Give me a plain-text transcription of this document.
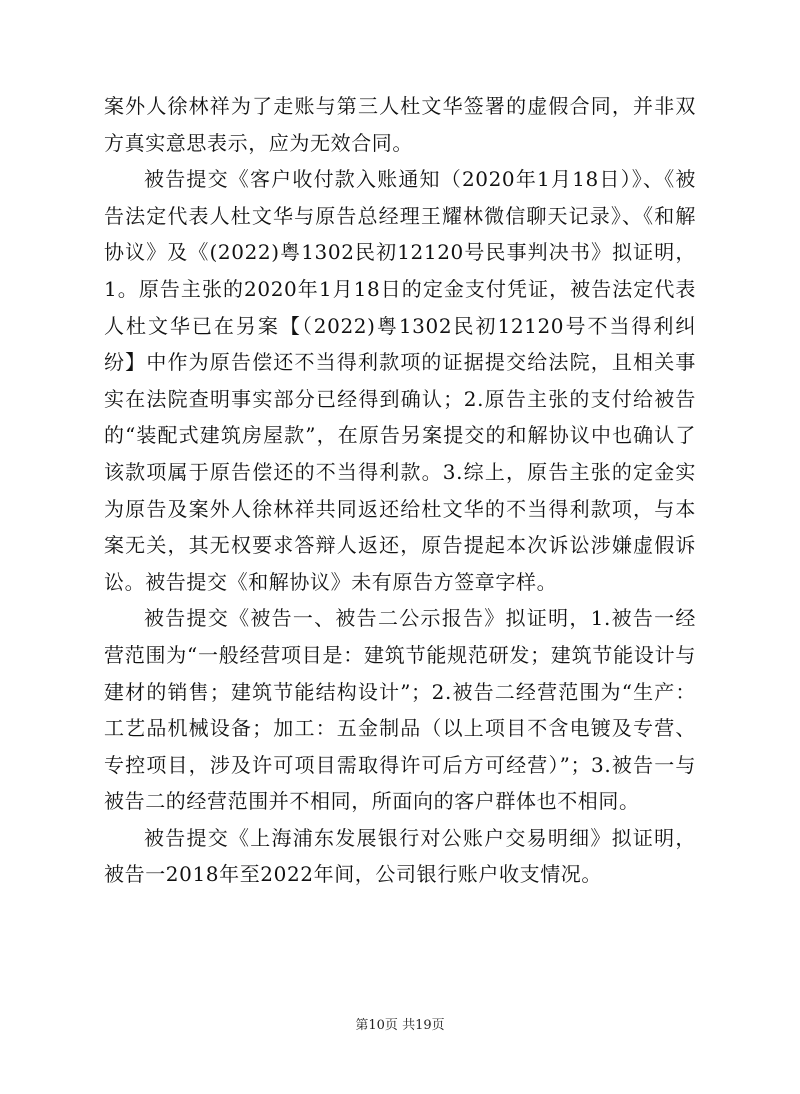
案外人徐林祥为了走账与第三人杜文华签署的虚假合同，并非双方真实意思表示，应为无效合同。

被告提交《客户收付款入账通知（2020年1月18日）》、《被告法定代表人杜文华与原告总经理王耀林微信聊天记录》、《和解协议》及《(2022)粤1302民初12120号民事判决书》拟证明，1。原告主张的2020年1月18日的定金支付凭证，被告法定代表人杜文华已在另案【（2022)粤1302民初12120号不当得利纠纷】中作为原告偿还不当得利款项的证据提交给法院，且相关事实在法院查明事实部分已经得到确认；2.原告主张的支付给被告的“装配式建筑房屋款”，在原告另案提交的和解协议中也确认了该款项属于原告偿还的不当得利款。3.综上，原告主张的定金实为原告及案外人徐林祥共同返还给杜文华的不当得利款项，与本案无关，其无权要求答辩人返还，原告提起本次诉讼涉嫌虚假诉讼。被告提交《和解协议》未有原告方签章字样。

被告提交《被告一、被告二公示报告》拟证明，1.被告一经营范围为“一般经营项目是：建筑节能规范研发；建筑节能设计与建材的销售；建筑节能结构设计”；2.被告二经营范围为“生产：工艺品机械设备；加工：五金制品（以上项目不含电镀及专营、专控项目，涉及许可项目需取得许可后方可经营）”；3.被告一与被告二的经营范围并不相同，所面向的客户群体也不相同。

被告提交《上海浦东发展银行对公账户交易明细》拟证明，被告一2018年至2022年间，公司银行账户收支情况。

第10页 共19页
